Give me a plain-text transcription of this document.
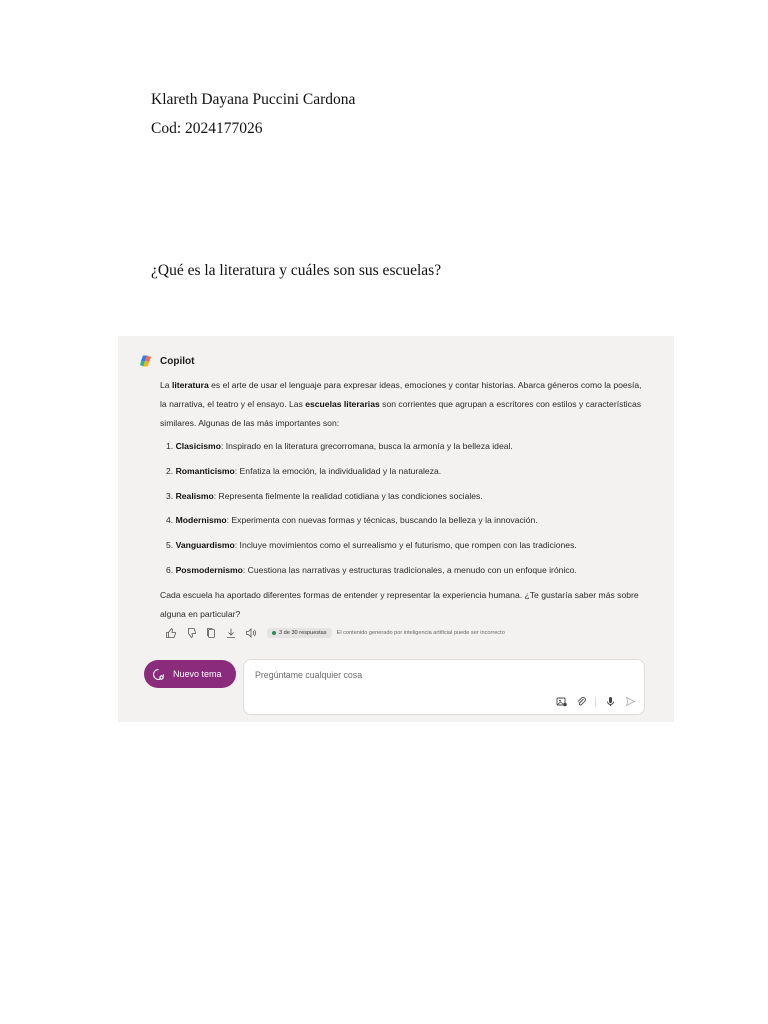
Klareth Dayana Puccini Cardona

Cod: 2024177026

¿Qué es la literatura y cuáles son sus escuelas?

Copilot

La literatura es el arte de usar el lenguaje para expresar ideas, emociones y contar historias. Abarca géneros como la poesía, la narrativa, el teatro y el ensayo. Las escuelas literarias son corrientes que agrupan a escritores con estilos y características similares. Algunas de las más importantes son:

1. Clasicismo: Inspirado en la literatura grecorromana, busca la armonía y la belleza ideal.
2. Romanticismo: Enfatiza la emoción, la individualidad y la naturaleza.
3. Realismo: Representa fielmente la realidad cotidiana y las condiciones sociales.
4. Modernismo: Experimenta con nuevas formas y técnicas, buscando la belleza y la innovación.
5. Vanguardismo: Incluye movimientos como el surrealismo y el futurismo, que rompen con las tradiciones.
6. Posmodernismo: Cuestiona las narrativas y estructuras tradicionales, a menudo con un enfoque irónico.

Cada escuela ha aportado diferentes formas de entender y representar la experiencia humana. ¿Te gustaría saber más sobre alguna en particular?

3 de 30 respuestas El contenido generado por inteligencia artificial puede ser incorrecto
Nuevo tema
Pregúntame cualquier cosa
